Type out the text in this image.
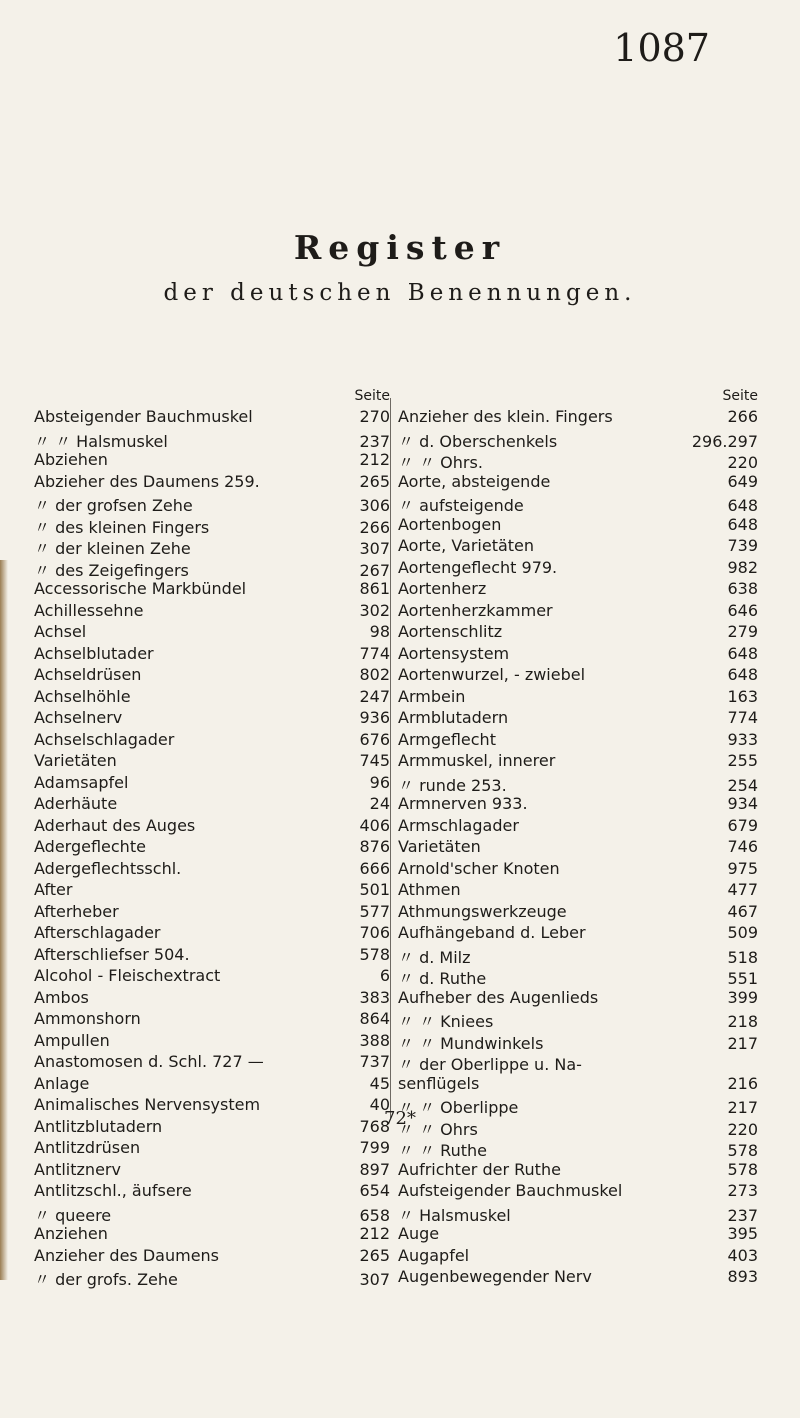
1087
Register
der deutschen Benennungen.
Seite
Absteigender Bauchmuskel	270
〃 〃 Halsmuskel	237
Abziehen	212
Abzieher des Daumens 259.	265
〃 der grofsen Zehe	306
〃 des kleinen Fingers	266
〃 der kleinen Zehe	307
〃 des Zeigefingers	267
Accessorische Markbündel	861
Achillessehne	302
Achsel	98
Achselblutader	774
Achseldrüsen	802
Achselhöhle	247
Achselnerv	936
Achselschlagader	676
Varietäten	745
Adamsapfel	96
Aderhäute	24
Aderhaut des Auges	406
Adergeflechte	876
Adergeflechtsschl.	666
After	501
Afterheber	577
Afterschlagader	706
Afterschliefser 504.	578
Alcohol - Fleischextract	6
Ambos	383
Ammonshorn	864
Ampullen	388
Anastomosen d. Schl. 727 —	737
Anlage	45
Animalisches Nervensystem	40
Antlitzblutadern	768
Antlitzdrüsen	799
Antlitznerv	897
Antlitzschl., äufsere	654
〃 queere	658
Anziehen	212
Anzieher des Daumens	265
〃 der grofs. Zehe	307
Seite
Anzieher des klein. Fingers	266
〃 d. Oberschenkels	296.297
〃 〃 Ohrs.	220
Aorte, absteigende	649
〃 aufsteigende	648
Aortenbogen	648
Aorte, Varietäten	739
Aortengeflecht 979.	982
Aortenherz	638
Aortenherzkammer	646
Aortenschlitz	279
Aortensystem	648
Aortenwurzel, - zwiebel	648
Armbein	163
Armblutadern	774
Armgeflecht	933
Armmuskel, innerer	255
〃 runde 253.	254
Armnerven 933.	934
Armschlagader	679
Varietäten	746
Arnold'scher Knoten	975
Athmen	477
Athmungswerkzeuge	467
Aufhängeband d. Leber	509
〃 d. Milz	518
〃 d. Ruthe	551
Aufheber des Augenlieds	399
〃 〃 Kniees	218
〃 〃 Mundwinkels	217
〃 der Oberlippe u. Na-
senflügels	216
〃 〃 Oberlippe	217
〃 〃 Ohrs	220
〃 〃 Ruthe	578
Aufrichter der Ruthe	578
Aufsteigender Bauchmuskel	273
〃 Halsmuskel	237
Auge	395
Augapfel	403
Augenbewegender Nerv	893
72*
